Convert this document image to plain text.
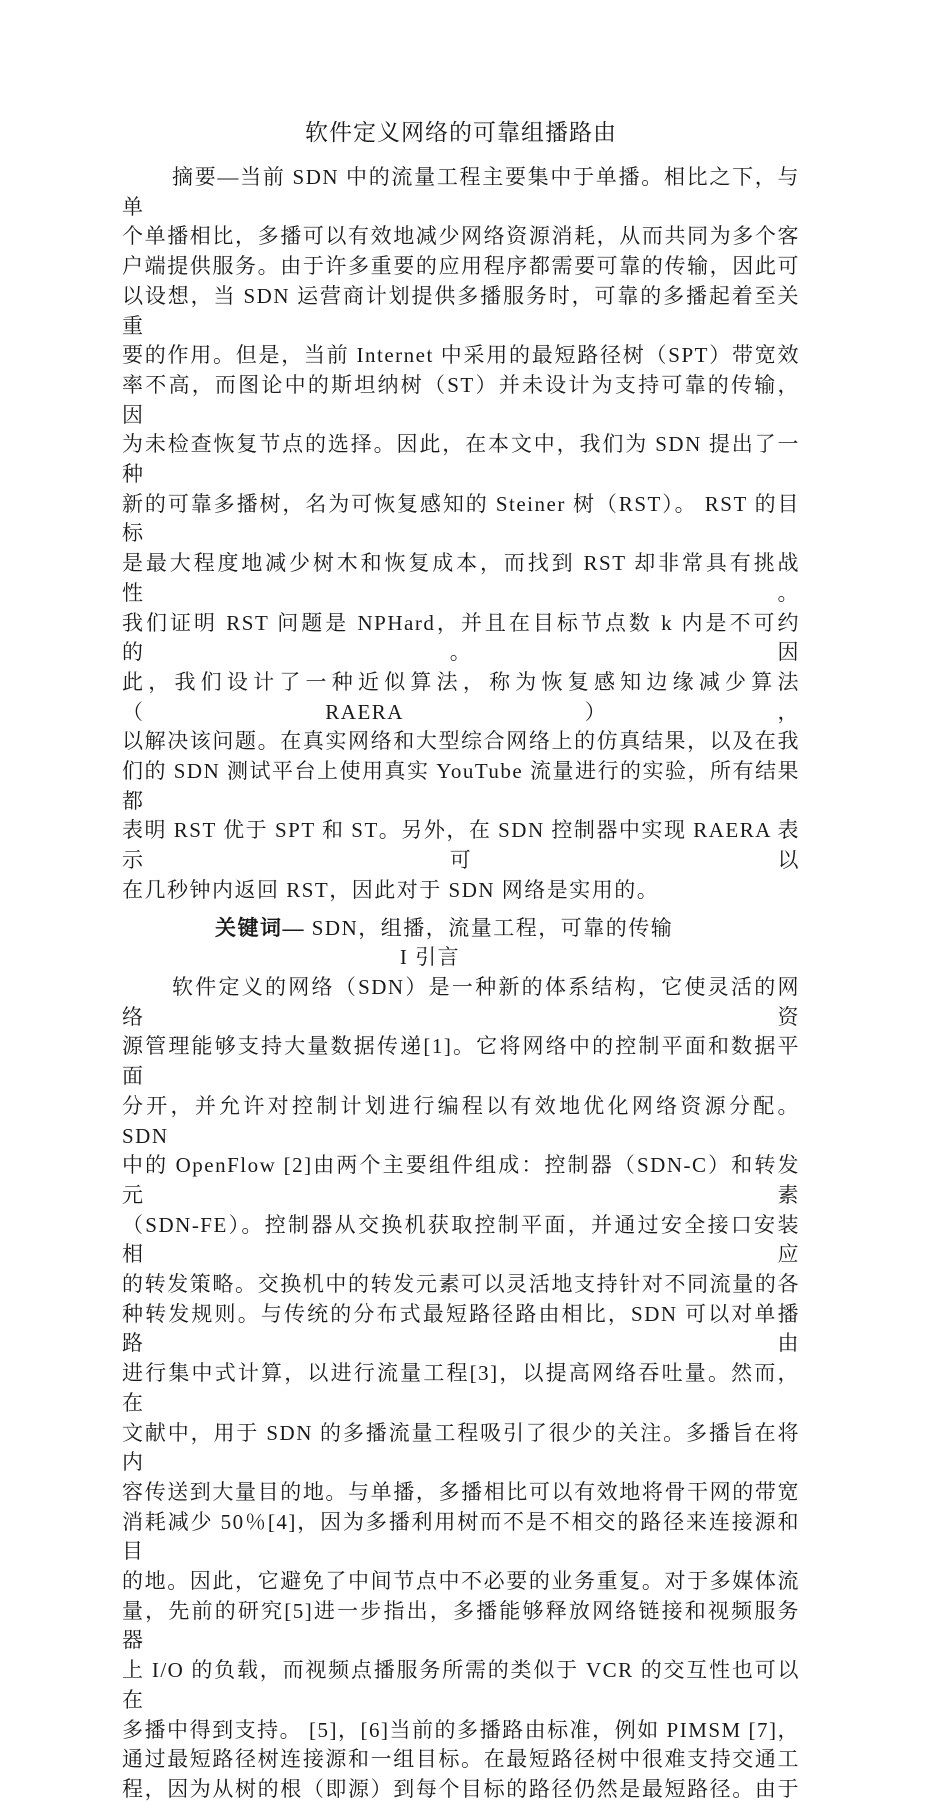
软件定义网络的可靠组播路由
摘要—当前 SDN 中的流量工程主要集中于单播。相比之下，与单
个单播相比，多播可以有效地减少网络资源消耗，从而共同为多个客
户端提供服务。由于许多重要的应用程序都需要可靠的传输，因此可
以设想，当 SDN 运营商计划提供多播服务时，可靠的多播起着至关重
要的作用。但是，当前 Internet 中采用的最短路径树（SPT）带宽效
率不高，而图论中的斯坦纳树（ST）并未设计为支持可靠的传输，因
为未检查恢复节点的选择。因此，在本文中，我们为 SDN 提出了一种
新的可靠多播树，名为可恢复感知的 Steiner 树（RST）。 RST 的目标
是最大程度地减少树木和恢复成本，而找到 RST 却非常具有挑战性。
我们证明 RST 问题是 NPHard，并且在目标节点数 k 内是不可约的。因
此，我们设计了一种近似算法，称为恢复感知边缘减少算法（RAERA），
以解决该问题。在真实网络和大型综合网络上的仿真结果，以及在我
们的 SDN 测试平台上使用真实 YouTube 流量进行的实验，所有结果都
表明 RST 优于 SPT 和 ST。另外，在 SDN 控制器中实现 RAERA 表示可以
在几秒钟内返回 RST，因此对于 SDN 网络是实用的。
关键词— SDN，组播，流量工程，可靠的传输
I 引言
软件定义的网络（SDN）是一种新的体系结构，它使灵活的网络资
源管理能够支持大量数据传递[1]。它将网络中的控制平面和数据平面
分开，并允许对控制计划进行编程以有效地优化网络资源分配。 SDN
中的 OpenFlow [2]由两个主要组件组成：控制器（SDN-C）和转发元素
（SDN-FE）。控制器从交换机获取控制平面，并通过安全接口安装相应
的转发策略。交换机中的转发元素可以灵活地支持针对不同流量的各
种转发规则。与传统的分布式最短路径路由相比，SDN 可以对单播路由
进行集中式计算，以进行流量工程[3]，以提高网络吞吐量。然而，在
文献中，用于 SDN 的多播流量工程吸引了很少的关注。多播旨在将内
容传送到大量目的地。与单播，多播相比可以有效地将骨干网的带宽
消耗减少 50％[4]，因为多播利用树而不是不相交的路径来连接源和目
的地。因此，它避免了中间节点中不必要的业务重复。对于多媒体流
量，先前的研究[5]进一步指出，多播能够释放网络链接和视频服务器
上 I/O 的负载，而视频点播服务所需的类似于 VCR 的交互性也可以在
多播中得到支持。 [5]，[6]当前的多播路由标准，例如 PIMSM [7]，
通过最短路径树连接源和一组目标。在最短路径树中很难支持交通工
程，因为从树的根（即源）到每个目标的路径仍然是最短路径。由于
